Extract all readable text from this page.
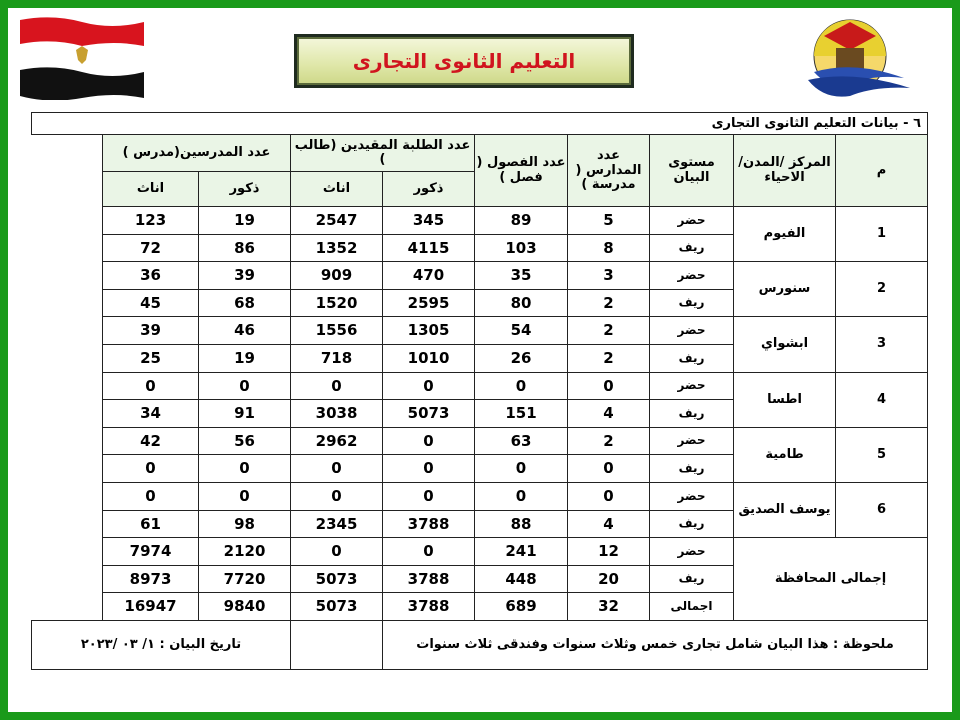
التعليم الثانوى التجارى
٦ - بيانات التعليم الثانوى التجارى								
م	المركز /المدن/الاحياء	مستوى البيان	عدد المدارس ( مدرسة )	عدد الفصول ( فصل )	عدد الطلبة المقيدين (طالب )		عدد المدرسين(مدرس )	
					ذكور	اناث	ذكور	اناث
1	الفيوم	حضر	5	89	345	2547	19	123
		ريف	8	103	4115	1352	86	72
2	سنورس	حضر	3	35	470	909	39	36
		ريف	2	80	2595	1520	68	45
3	ابشواي	حضر	2	54	1305	1556	46	39
		ريف	2	26	1010	718	19	25
4	اطسا	حضر	0	0	0	0	0	0
		ريف	4	151	5073	3038	91	34
5	طامية	حضر	2	63	0	2962	56	42
		ريف	0	0	0	0	0	0
6	يوسف الصديق	حضر	0	0	0	0	0	0
		ريف	4	88	3788	2345	98	61
إجمالى المحافظة		حضر	12	241	0	0	2120	7974
		ريف	20	448	3788	5073	7720	8973
		اجمالى	32	689	3788	5073	9840	16947
ملحوظة : هذا البيان شامل تجارى خمس وثلاث سنوات وفندقى ثلاث سنوات							تاريخ البيان : ١/ ٠٣ /٢٠٢٣	
